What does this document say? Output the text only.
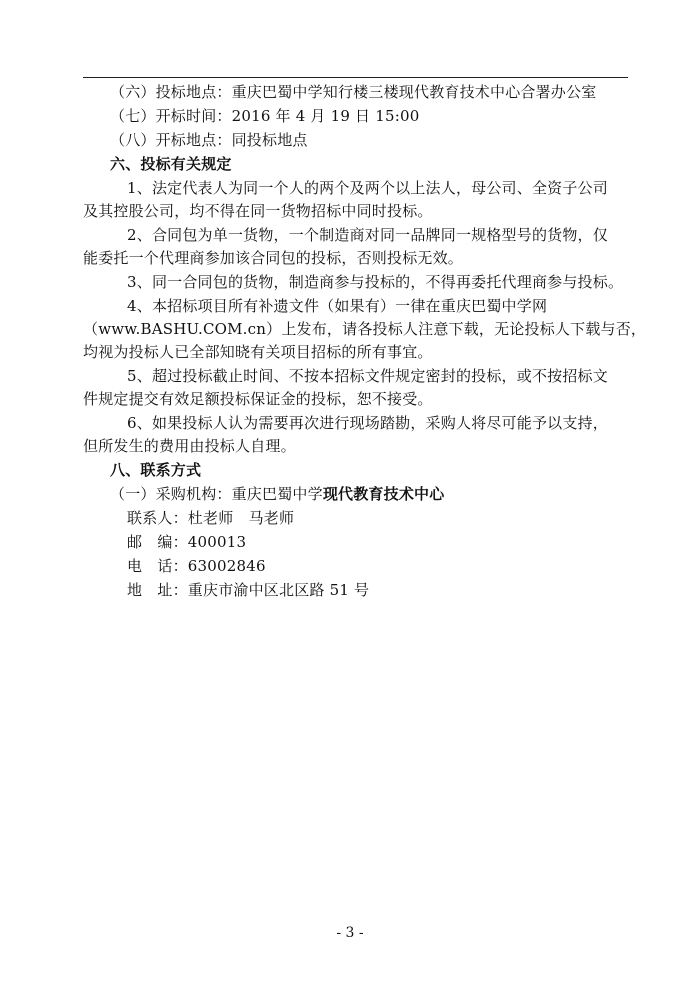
（六）投标地点：重庆巴蜀中学知行楼三楼现代教育技术中心合署办公室
（七）开标时间：2016 年 4 月 19 日 15:00
（八）开标地点：同投标地点
六、投标有关规定
1、法定代表人为同一个人的两个及两个以上法人，母公司、全资子公司
及其控股公司，均不得在同一货物招标中同时投标。
2、合同包为单一货物，一个制造商对同一品牌同一规格型号的货物，仅
能委托一个代理商参加该合同包的投标，否则投标无效。
3、同一合同包的货物，制造商参与投标的，不得再委托代理商参与投标。
4、本招标项目所有补遗文件（如果有）一律在重庆巴蜀中学网
（www.BASHU.COM.cn）上发布，请各投标人注意下载，无论投标人下载与否，
均视为投标人已全部知晓有关项目招标的所有事宜。
5、超过投标截止时间、不按本招标文件规定密封的投标，或不按招标文
件规定提交有效足额投标保证金的投标，恕不接受。
6、如果投标人认为需要再次进行现场踏勘，采购人将尽可能予以支持，
但所发生的费用由投标人自理。
八、联系方式
（一）采购机构：重庆巴蜀中学现代教育技术中心
联系人：杜老师　马老师
邮　编：400013
电　话：63002846
地　址：重庆市渝中区北区路 51 号
- 3 -
